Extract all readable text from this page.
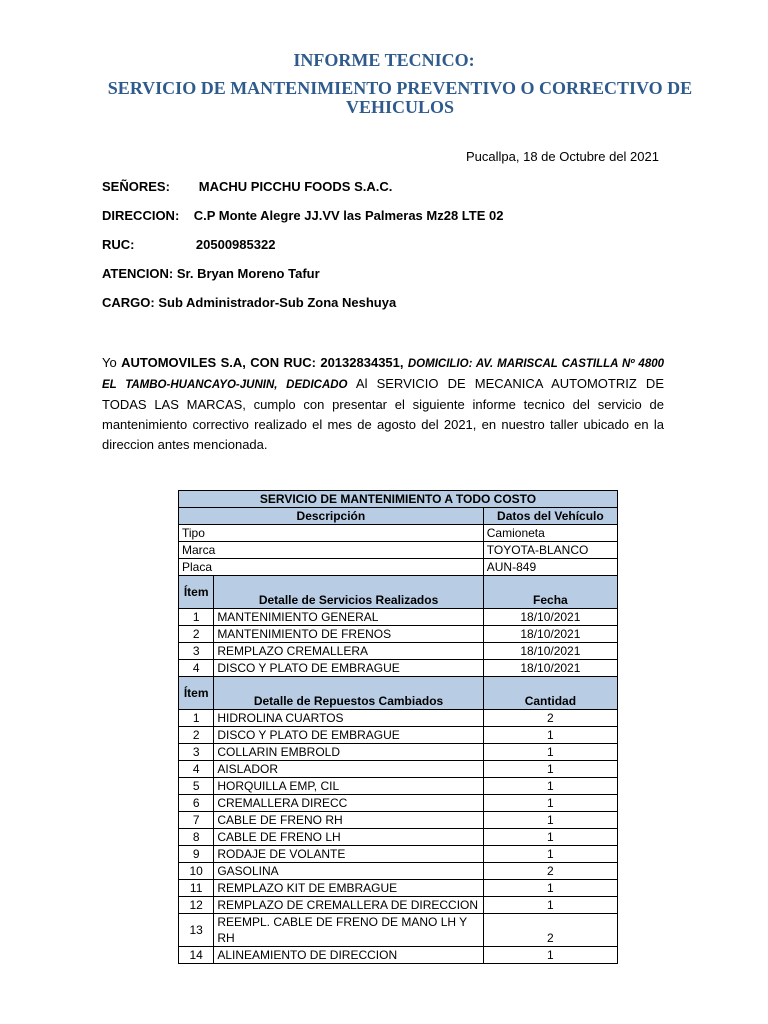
INFORME TECNICO:
SERVICIO DE MANTENIMIENTO PREVENTIVO O CORRECTIVO DE VEHICULOS
Pucallpa, 18 de Octubre del 2021
SEÑORES:        MACHU PICCHU FOODS S.A.C.
DIRECCION:    C.P Monte Alegre JJ.VV las Palmeras Mz28 LTE 02
RUC:                 20500985322
ATENCION: Sr. Bryan Moreno Tafur
CARGO: Sub Administrador-Sub Zona Neshuya
Yo AUTOMOVILES S.A, CON RUC: 20132834351, DOMICILIO: AV. MARISCAL CASTILLA Nº 4800 EL TAMBO-HUANCAYO-JUNIN, DEDICADO Al SERVICIO DE MECANICA AUTOMOTRIZ DE TODAS LAS MARCAS, cumplo con presentar el siguiente informe tecnico del servicio de mantenimiento correctivo realizado el mes de agosto del 2021, en nuestro taller ubicado en la direccion antes mencionada.
SERVICIO DE MANTENIMIENTO A TODO COSTO		
Descripción		Datos del Vehículo
Tipo		Camioneta
Marca		TOYOTA-BLANCO
Placa		AUN-849
Ítem	Detalle de Servicios Realizados	Fecha
1	MANTENIMIENTO GENERAL	18/10/2021
2	MANTENIMIENTO DE FRENOS	18/10/2021
3	REMPLAZO CREMALLERA	18/10/2021
4	DISCO Y PLATO DE EMBRAGUE	18/10/2021
Ítem	Detalle de Repuestos Cambiados	Cantidad
1	HIDROLINA CUARTOS	2
2	DISCO Y PLATO DE EMBRAGUE	1
3	COLLARIN EMBROLD	1
4	AISLADOR	1
5	HORQUILLA EMP, CIL	1
6	CREMALLERA DIRECC	1
7	CABLE DE FRENO RH	1
8	CABLE DE FRENO LH	1
9	RODAJE DE VOLANTE	1
10	GASOLINA	2
11	REMPLAZO KIT DE EMBRAGUE	1
12	REMPLAZO DE CREMALLERA DE DIRECCION	1
13	REEMPL. CABLE DE FRENO DE MANO LH Y RH	2
14	ALINEAMIENTO DE DIRECCION	1
